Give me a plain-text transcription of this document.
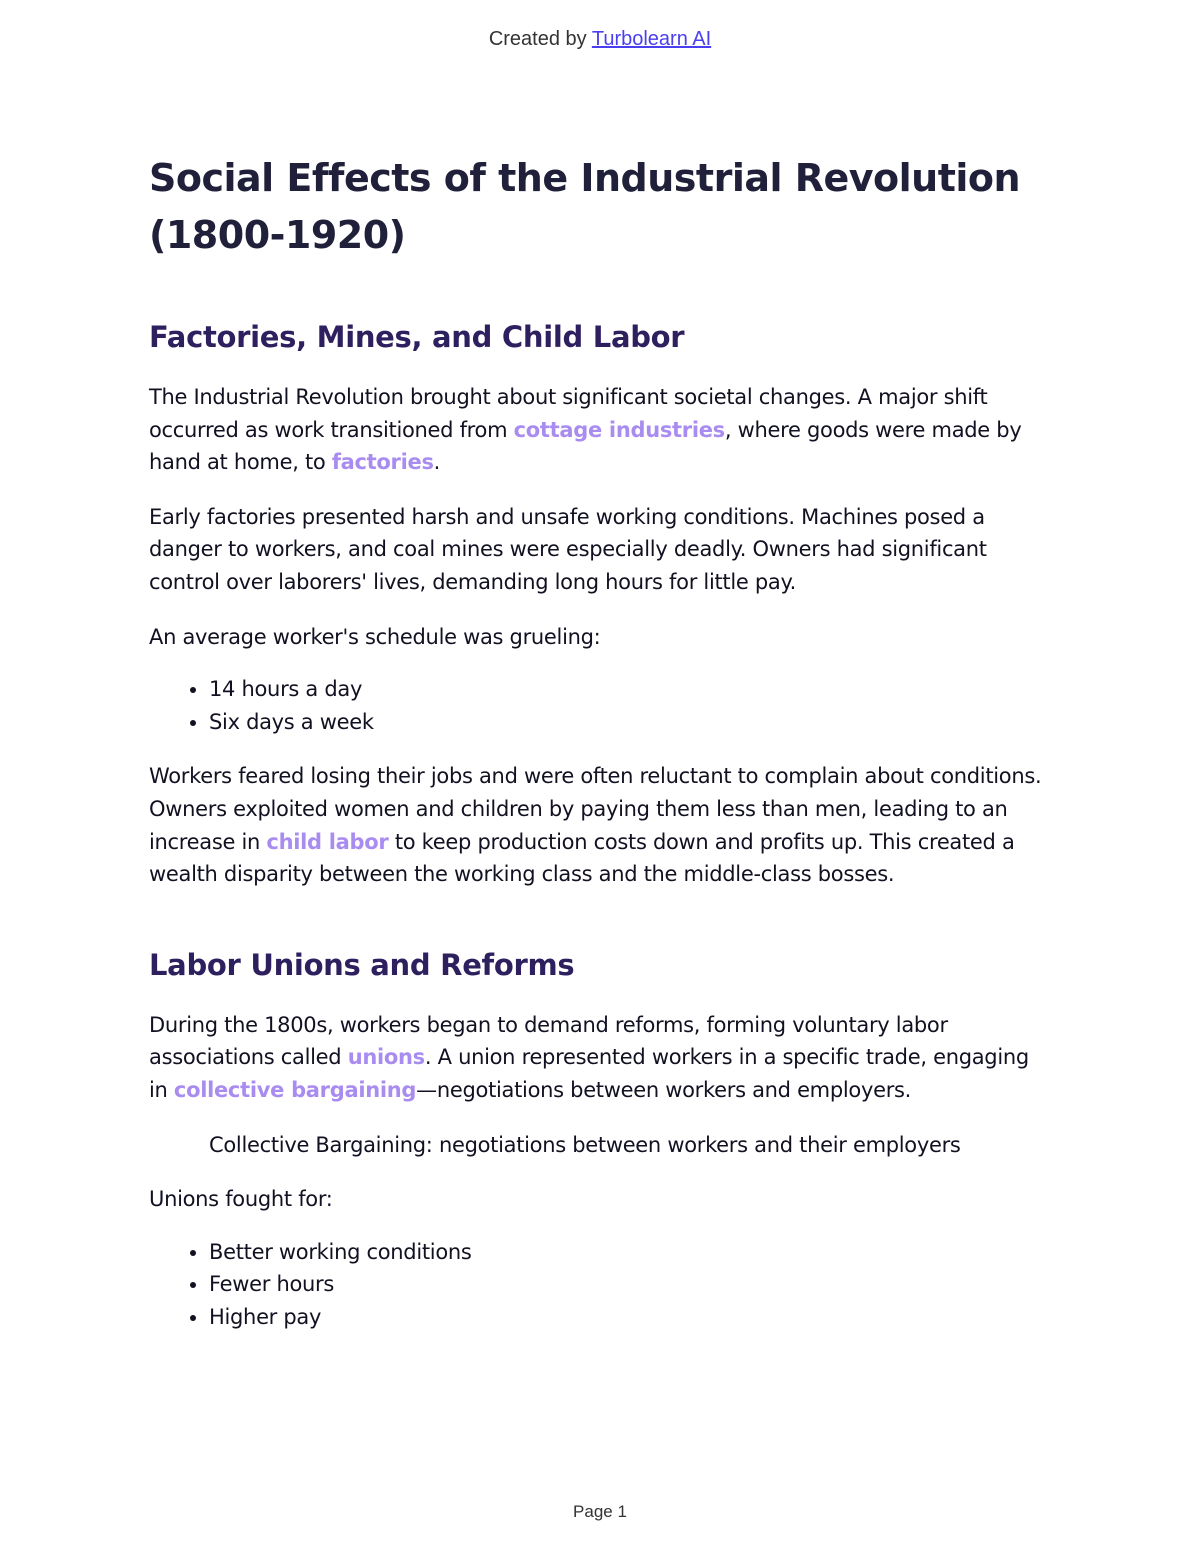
Created by Turbolearn AI
Social Effects of the Industrial Revolution
(1800-1920)
Factories, Mines, and Child Labor

The Industrial Revolution brought about significant societal changes. A major shift occurred as work transitioned from cottage industries, where goods were made by hand at home, to factories.

Early factories presented harsh and unsafe working conditions. Machines posed a danger to workers, and coal mines were especially deadly. Owners had significant control over laborers' lives, demanding long hours for little pay.

An average worker's schedule was grueling:

• 14 hours a day
• Six days a week

Workers feared losing their jobs and were often reluctant to complain about conditions. Owners exploited women and children by paying them less than men, leading to an increase in child labor to keep production costs down and profits up. This created a wealth disparity between the working class and the middle-class bosses.

Labor Unions and Reforms

During the 1800s, workers began to demand reforms, forming voluntary labor associations called unions. A union represented workers in a specific trade, engaging in collective bargaining—negotiations between workers and employers.

Collective Bargaining: negotiations between workers and their employers

Unions fought for:

• Better working conditions
• Fewer hours
• Higher pay
Page 1
